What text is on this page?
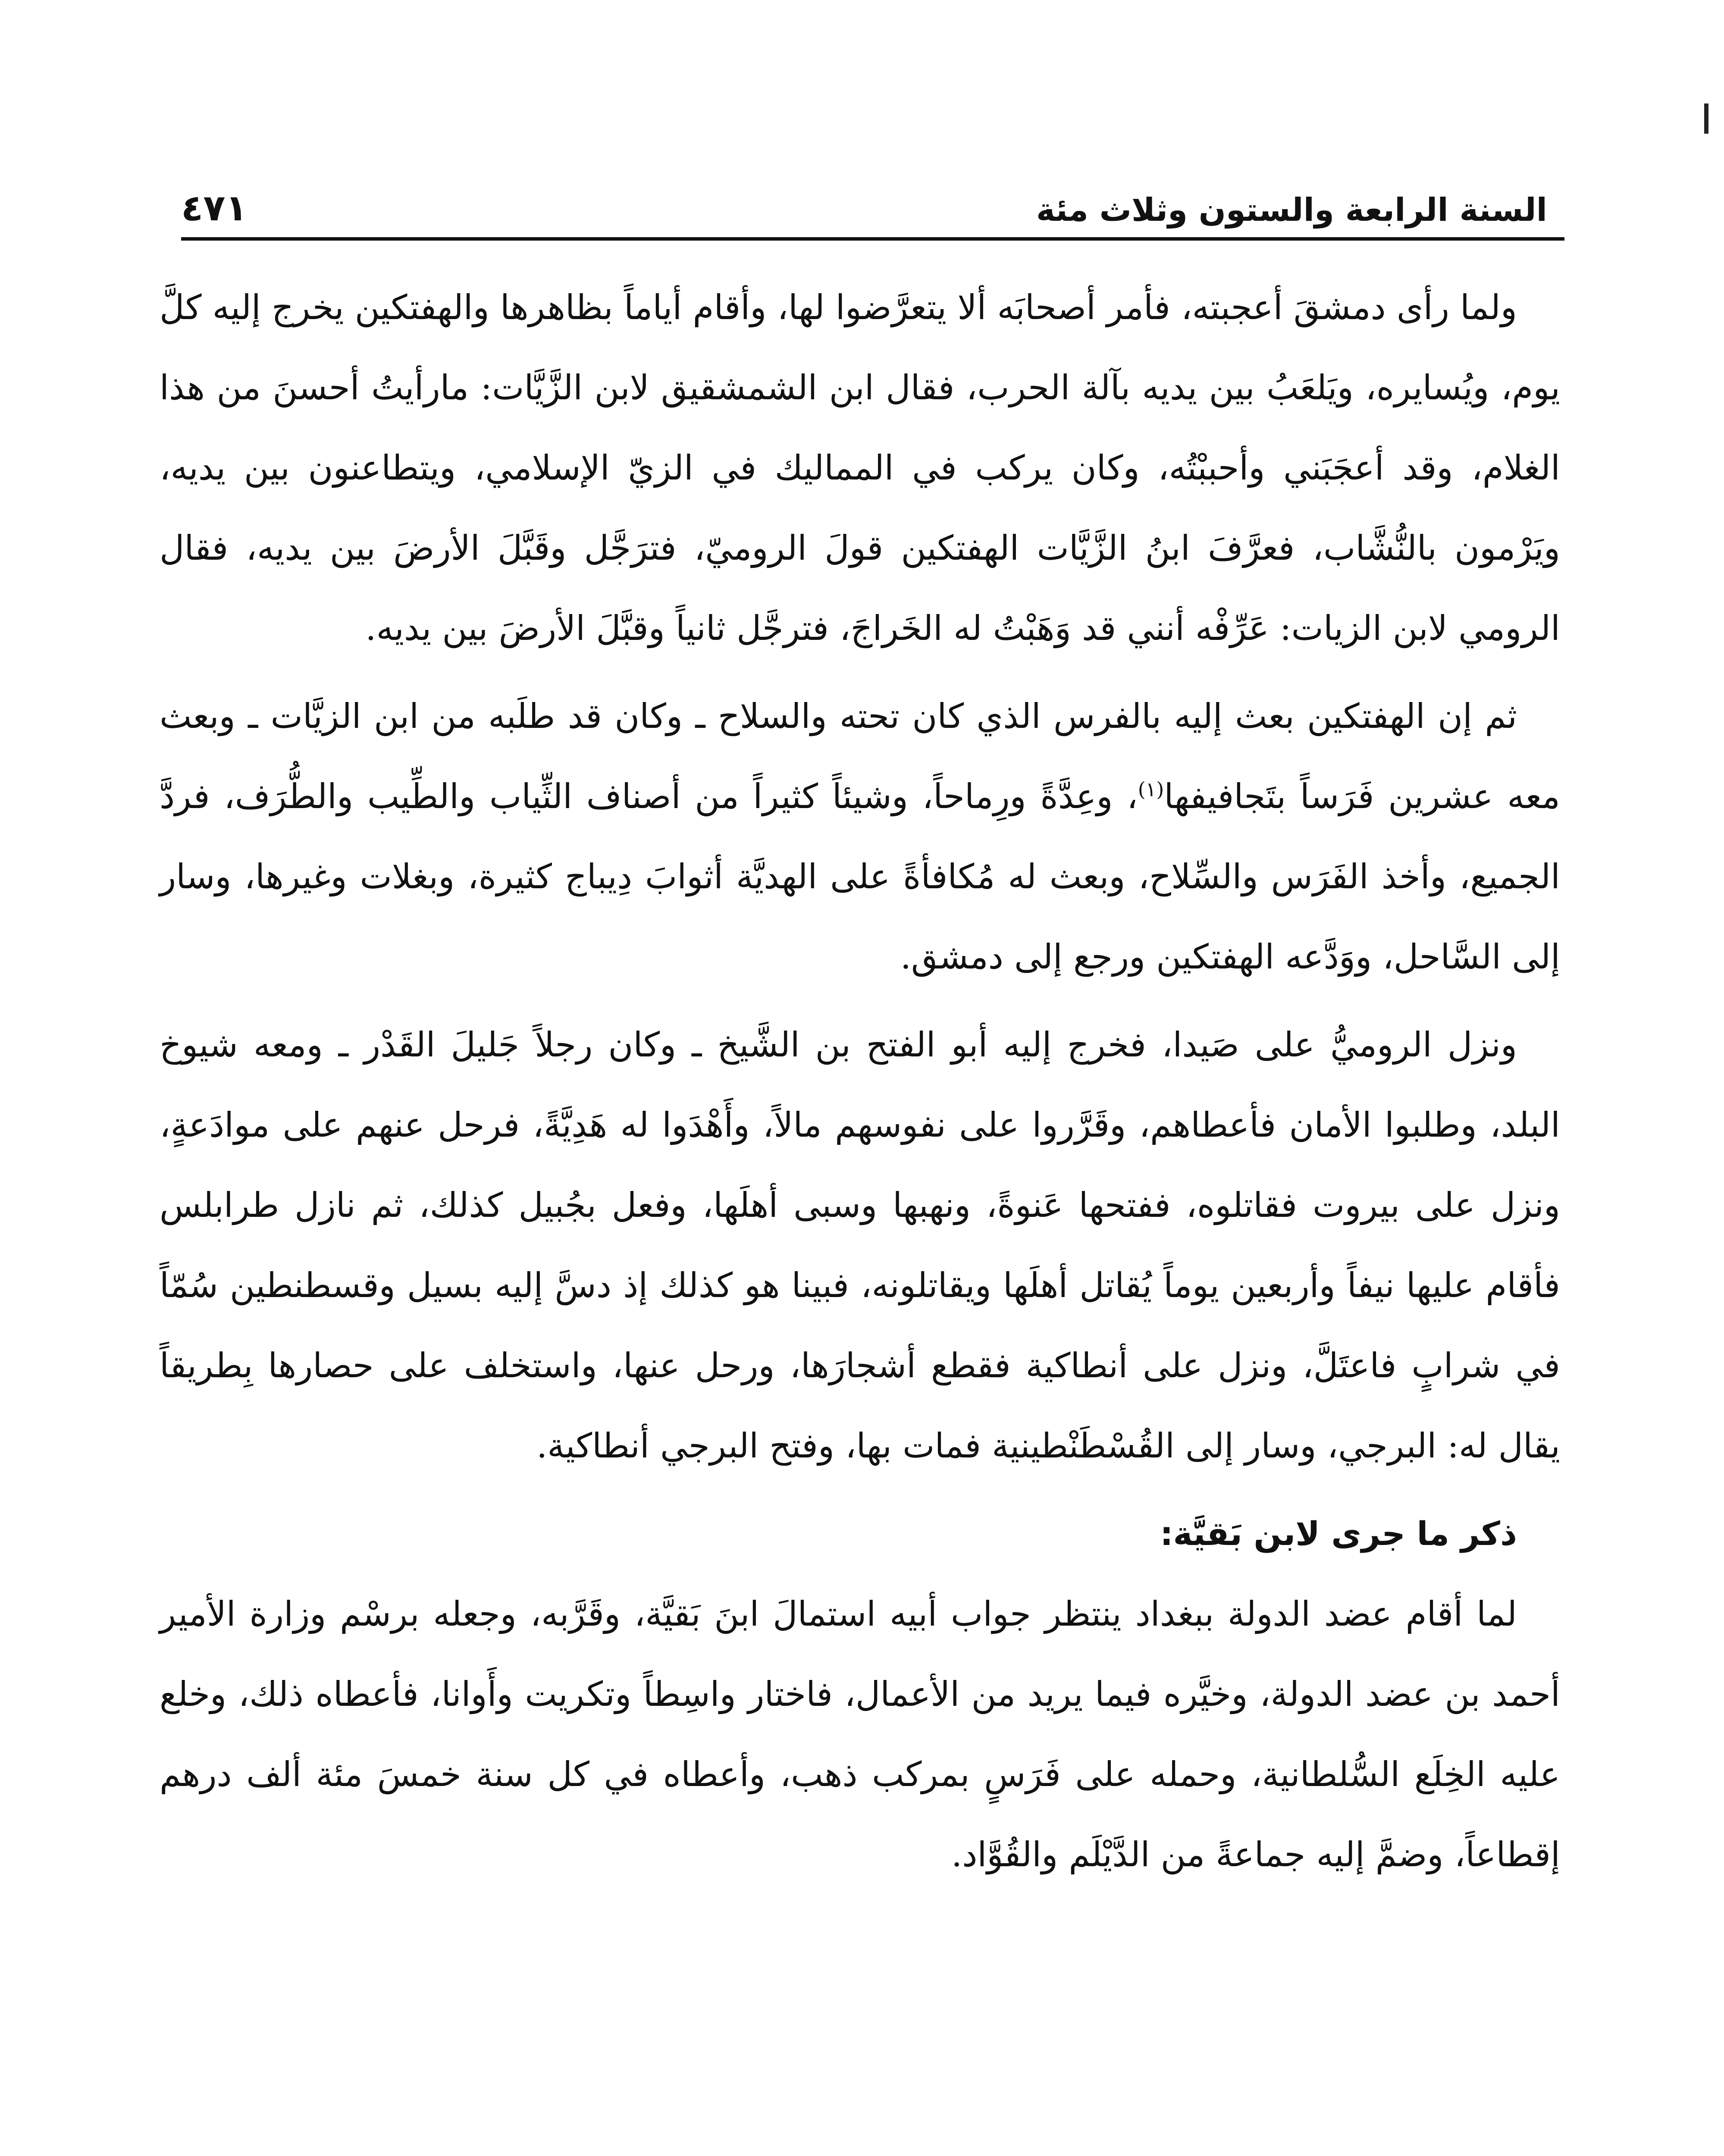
السنة الرابعة والستون وثلاث مئة
٤٧١

ولما رأى دمشقَ أعجبته، فأمر أصحابَه ألا يتعرَّضوا لها، وأقام أياماً بظاهرها والهفتكين يخرج إليه كلَّ يوم، ويُسايره، ويَلعَبُ بين يديه بآلة الحرب، فقال ابن الشمشقيق لابن الزَّيَّات: مارأيتُ أحسنَ من هذا الغلام، وقد أعجَبَني وأحببْتُه، وكان يركب في المماليك في الزيّ الإسلامي، ويتطاعنون بين يديه، ويَرْمون بالنُّشَّاب، فعرَّفَ ابنُ الزَّيَّات الهفتكين قولَ الروميّ، فترَجَّل وقَبَّلَ الأرضَ بين يديه، فقال الرومي لابن الزيات: عَرِّفْه أنني قد وَهَبْتُ له الخَراجَ، فترجَّل ثانياً وقبَّلَ الأرضَ بين يديه.

ثم إن الهفتكين بعث إليه بالفرس الذي كان تحته والسلاح ـ وكان قد طلَبه من ابن الزيَّات ـ وبعث معه عشرين فَرَساً بتَجافيفها$^{(١)}$، وعِدَّةً ورِماحاً، وشيئاً كثيراً من أصناف الثِّياب والطِّيب والطُّرَف، فردَّ الجميع، وأخذ الفَرَس والسِّلاح، وبعث له مُكافأةً على الهديَّة أثوابَ دِيباج كثيرة، وبغلات وغيرها، وسار إلى السَّاحل، ووَدَّعه الهفتكين ورجع إلى دمشق.

ونزل الروميُّ على صَيدا، فخرج إليه أبو الفتح بن الشَّيخ ـ وكان رجلاً جَليلَ القَدْر ـ ومعه شيوخ البلد، وطلبوا الأمان فأعطاهم، وقَرَّروا على نفوسهم مالاً، وأَهْدَوا له هَدِيَّةً، فرحل عنهم على موادَعةٍ، ونزل على بيروت فقاتلوه، ففتحها عَنوةً، ونهبها وسبى أهلَها، وفعل بجُبيل كذلك، ثم نازل طرابلس فأقام عليها نيفاً وأربعين يوماً يُقاتل أهلَها ويقاتلونه، فبينا هو كذلك إذ دسَّ إليه بسيل وقسطنطين سُمّاً في شرابٍ فاعتَلَّ، ونزل على أنطاكية فقطع أشجارَها، ورحل عنها، واستخلف على حصارها بِطريقاً يقال له: البرجي، وسار إلى القُسْطَنْطينية فمات بها، وفتح البرجي أنطاكية.

ذكر ما جرى لابن بَقيَّة:

لما أقام عضد الدولة ببغداد ينتظر جواب أبيه استمالَ ابنَ بَقيَّة، وقَرَّبه، وجعله برسْم وزارة الأمير أحمد بن عضد الدولة، وخيَّره فيما يريد من الأعمال، فاختار واسِطاً وتكريت وأَوانا، فأعطاه ذلك، وخلع عليه الخِلَع السُّلطانية، وحمله على فَرَسٍ بمركب ذهب، وأعطاه في كل سنة خمسَ مئة ألف درهم إقطاعاً، وضمَّ إليه جماعةً من الدَّيْلَم والقُوَّاد.
